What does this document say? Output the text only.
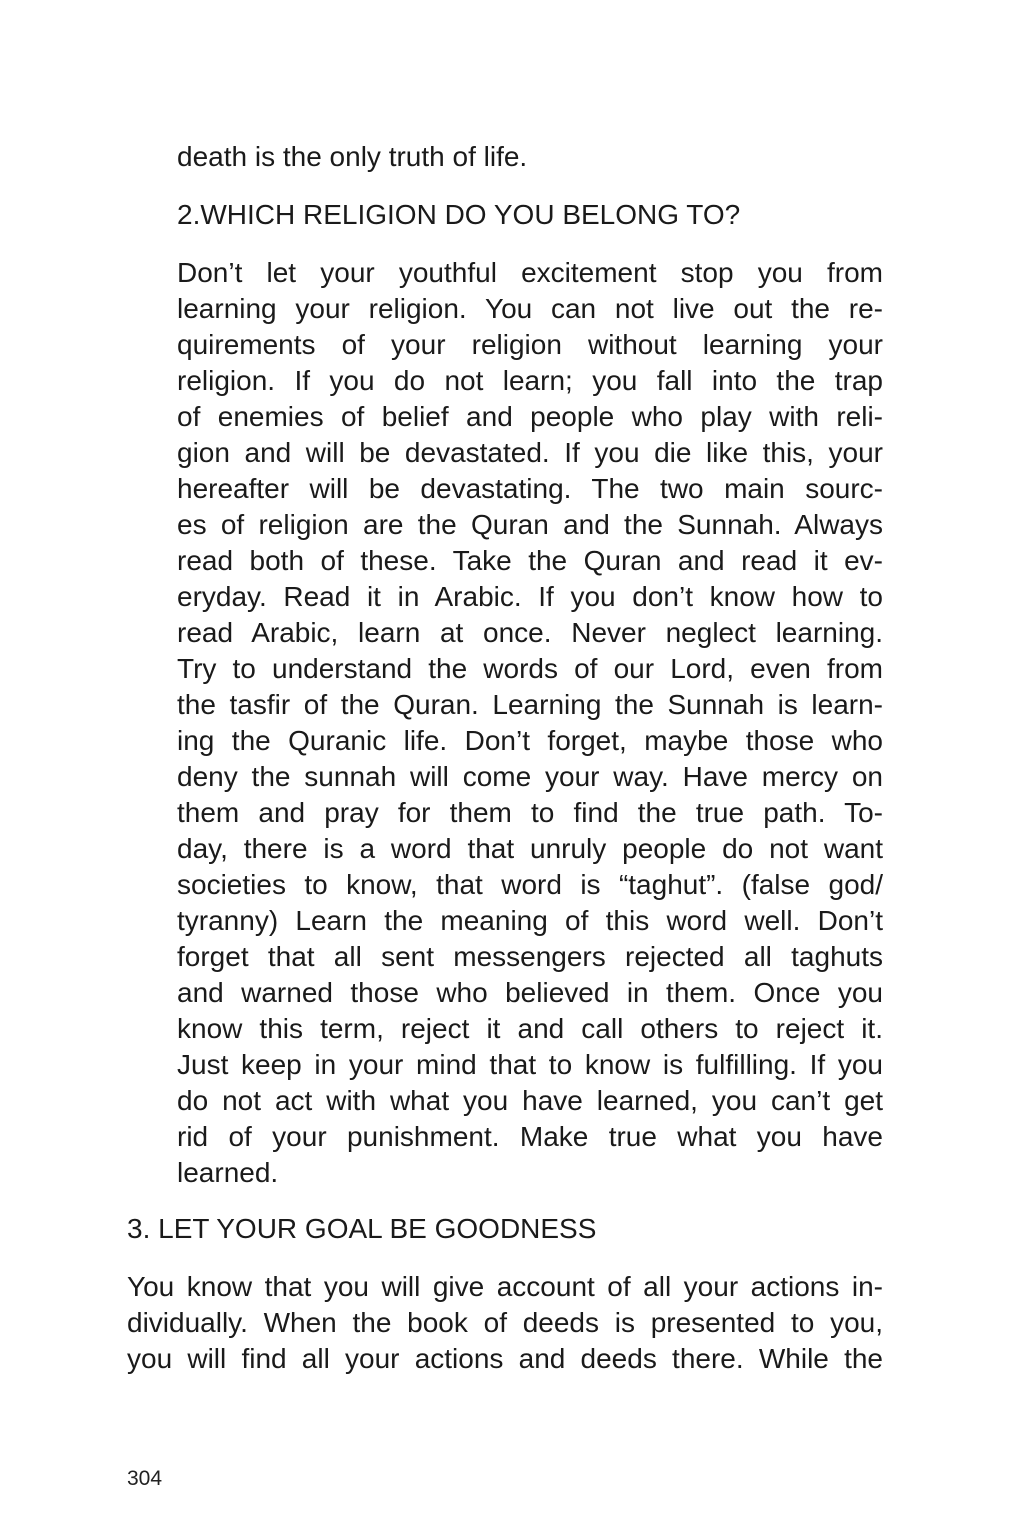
death is the only truth of life.

2.WHICH RELIGION DO YOU BELONG TO?

Don’t let your youthful excitement stop you from
learning your religion. You can not live out the re-
quirements of your religion without learning your
religion. If you do not learn; you fall into the trap
of enemies of belief and people who play with reli-
gion and will be devastated. If you die like this, your
hereafter will be devastating. The two main sourc-
es of religion are the Quran and the Sunnah. Always
read both of these. Take the Quran and read it ev-
eryday. Read it in Arabic. If you don’t know how to
read Arabic, learn at once. Never neglect learning.
Try to understand the words of our Lord, even from
the tasfir of the Quran. Learning the Sunnah is learn-
ing the Quranic life. Don’t forget, maybe those who
deny the sunnah will come your way. Have mercy on
them and pray for them to find the true path. To-
day, there is a word that unruly people do not want
societies to know, that word is “taghut”. (false god/
tyranny) Learn the meaning of this word well. Don’t
forget that all sent messengers rejected all taghuts
and warned those who believed in them. Once you
know this term, reject it and call others to reject it.
Just keep in your mind that to know is fulfilling. If you
do not act with what you have learned, you can’t get
rid of your punishment. Make true what you have
learned.

3. LET YOUR GOAL BE GOODNESS

You know that you will give account of all your actions in-
dividually. When the book of deeds is presented to you,
you will find all your actions and deeds there. While the
304
